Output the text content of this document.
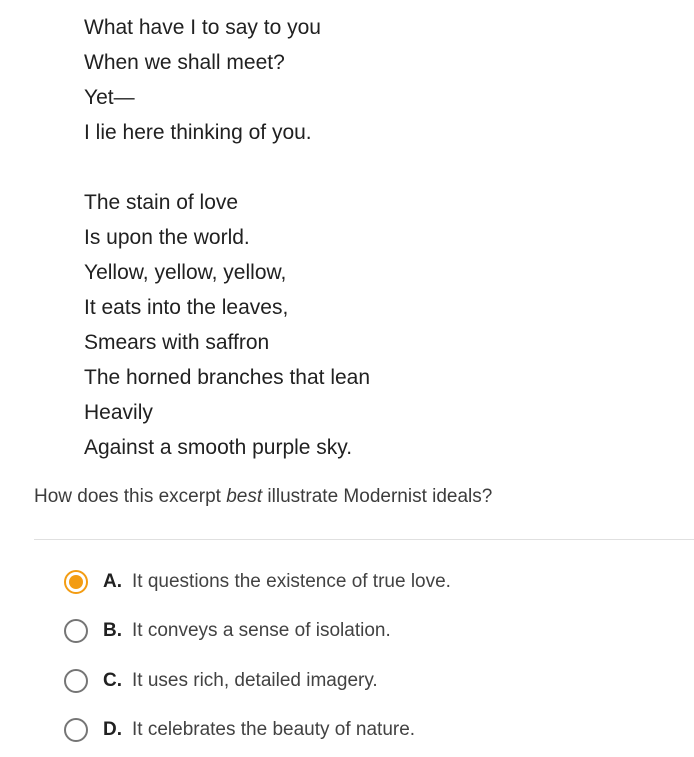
What have I to say to you
When we shall meet?
Yet—
I lie here thinking of you.
The stain of love
Is upon the world.
Yellow, yellow, yellow,
It eats into the leaves,
Smears with saffron
The horned branches that lean
Heavily
Against a smooth purple sky.
How does this excerpt best illustrate Modernist ideals?
A. It questions the existence of true love.
B. It conveys a sense of isolation.
C. It uses rich, detailed imagery.
D. It celebrates the beauty of nature.
